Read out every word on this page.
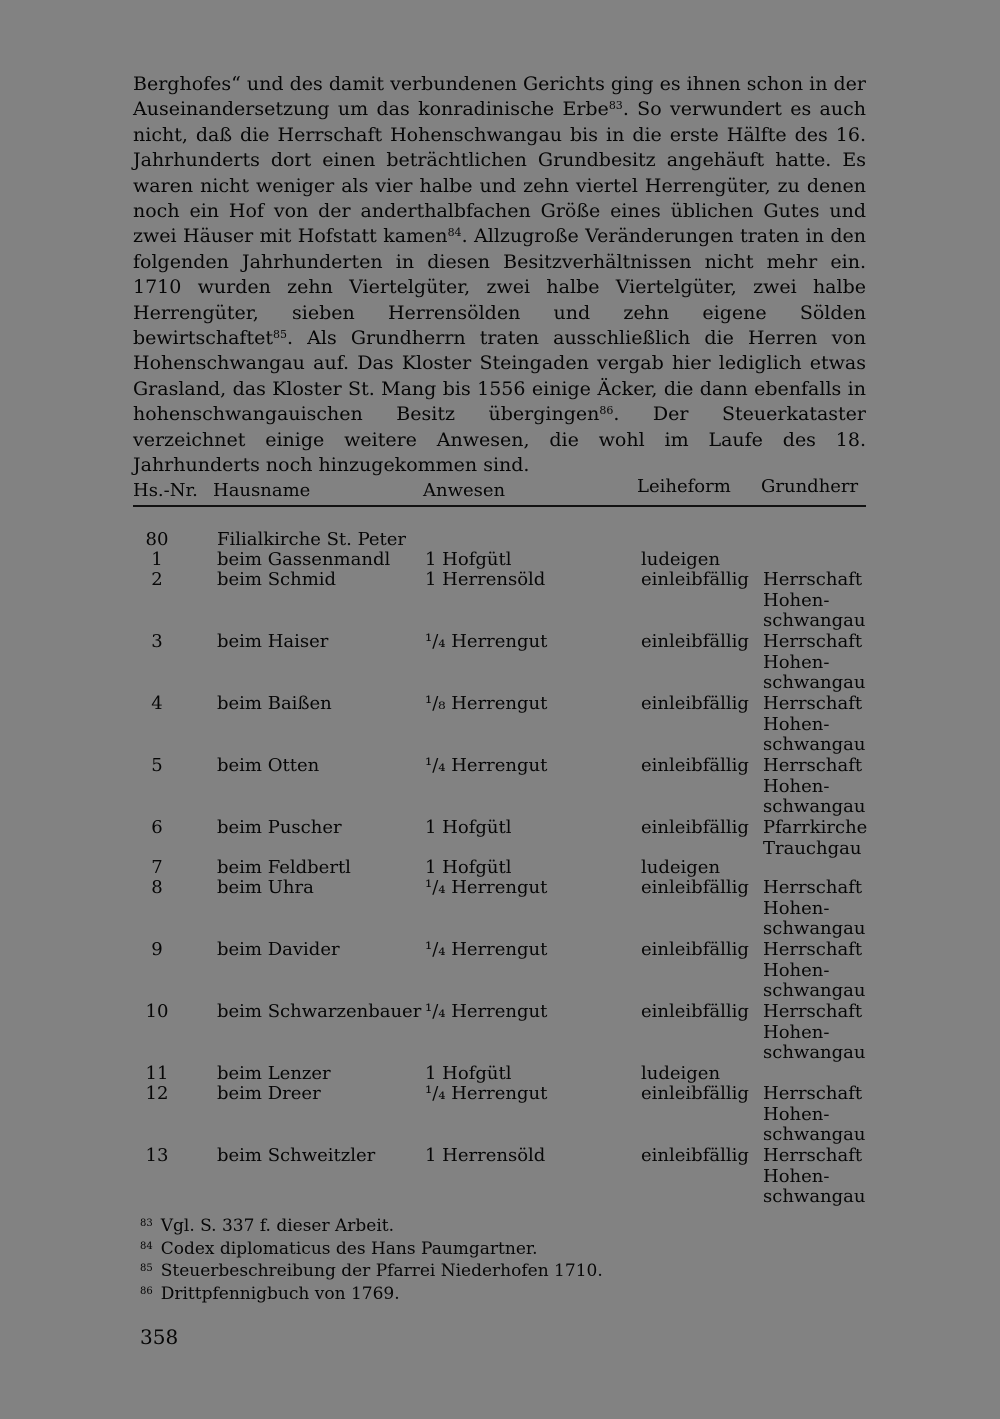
Berghofes“ und des damit verbundenen Gerichts ging es ihnen schon in der Auseinandersetzung um das konradinische Erbe$^{83}$. So verwundert es auch nicht, daß die Herrschaft Hohenschwangau bis in die erste Hälfte des 16. Jahrhunderts dort einen beträchtlichen Grundbesitz angehäuft hatte. Es waren nicht weniger als vier halbe und zehn viertel Herrengüter, zu denen noch ein Hof von der anderthalbfachen Größe eines üblichen Gutes und zwei Häuser mit Hofstatt kamen$^{84}$. Allzugroße Veränderungen traten in den folgenden Jahrhunderten in diesen Besitzverhältnissen nicht mehr ein. 1710 wurden zehn Viertelgüter, zwei halbe Viertelgüter, zwei halbe Herrengüter, sieben Herrensölden und zehn eigene Sölden bewirtschaftet$^{85}$. Als Grundherrn traten ausschließlich die Herren von Hohenschwangau auf. Das Kloster Steingaden vergab hier lediglich etwas Grasland, das Kloster St. Mang bis 1556 einige Äcker, die dann ebenfalls in hohenschwangauischen Besitz übergingen$^{86}$. Der Steuerkataster verzeichnet einige weitere Anwesen, die wohl im Laufe des 18. Jahrhunderts noch hinzugekommen sind.
Hs.-Nr. Hausname	Anwesen	Leiheform Grundherr
80	Filialkirche St. Peter
1	beim Gassenmandl 1 Hofgütl	ludeigen
2	beim Schmid	1 Herrensöld	einleibfällig Herrschaft
Hohen-
schwangau
3	beim Haiser	¹/₄ Herrengut	einleibfällig Herrschaft
Hohen-
schwangau
4	beim Baißen	¹/₈ Herrengut	einleibfällig Herrschaft
Hohen-
schwangau
5	beim Otten	¹/₄ Herrengut	einleibfällig Herrschaft
Hohen-
schwangau
6	beim Puscher	1 Hofgütl	einleibfällig Pfarrkirche
Trauchgau
7	beim Feldbertl	1 Hofgütl	ludeigen
8	beim Uhra	¹/₄ Herrengut	einleibfällig Herrschaft
Hohen-
schwangau
9	beim Davider	¹/₄ Herrengut	einleibfällig Herrschaft
Hohen-
schwangau
10	beim Schwarzenbauer ¹/₄ Herrengut	einleibfällig Herrschaft
Hohen-
schwangau
11	beim Lenzer	1 Hofgütl	ludeigen
12	beim Dreer	¹/₄ Herrengut	einleibfällig Herrschaft
Hohen-
schwangau
13	beim Schweitzler	1 Herrensöld	einleibfällig Herrschaft
Hohen-
schwangau
$^{83}$ Vgl. S. 337 f. dieser Arbeit.
$^{84}$ Codex diplomaticus des Hans Paumgartner.
$^{85}$ Steuerbeschreibung der Pfarrei Niederhofen 1710.
$^{86}$ Drittpfennigbuch von 1769.
358
